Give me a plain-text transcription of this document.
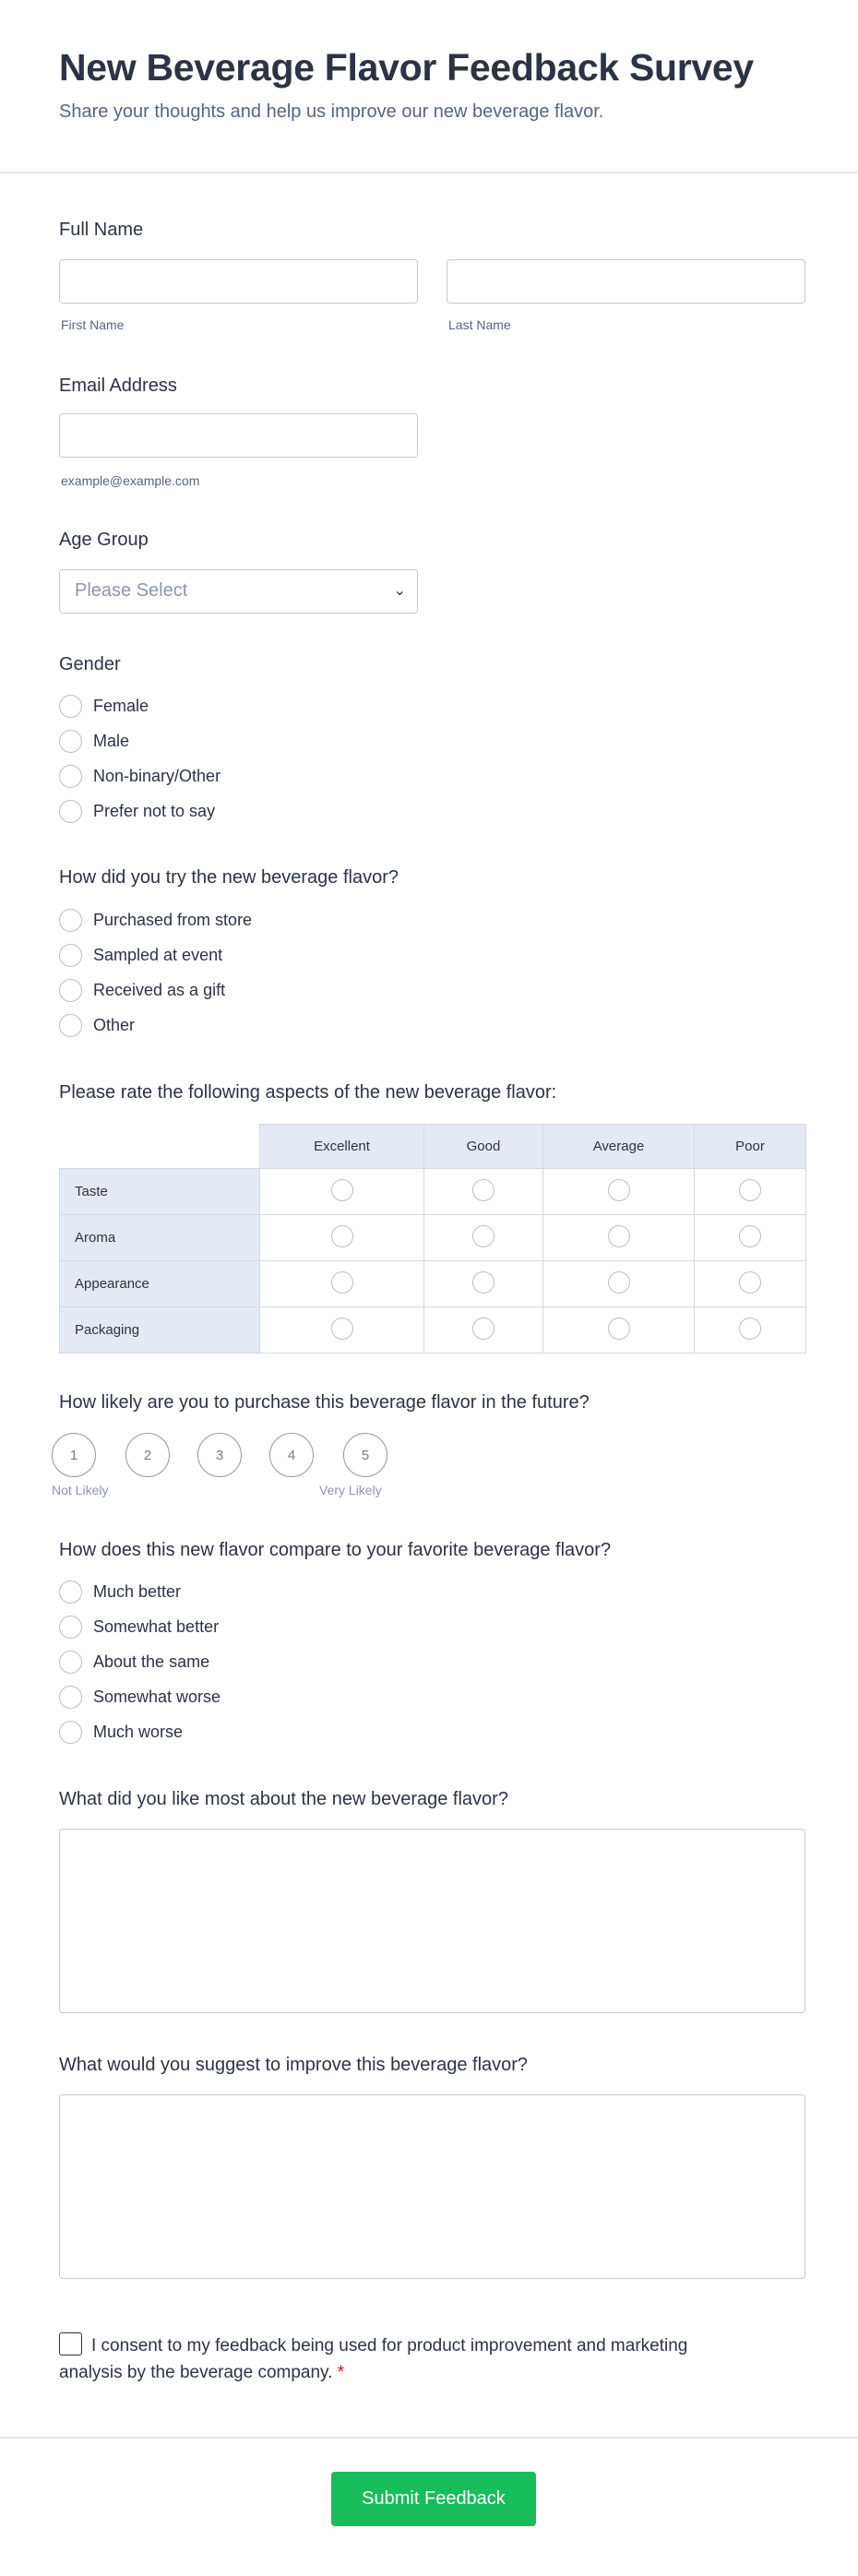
New Beverage Flavor Feedback Survey
Share your thoughts and help us improve our new beverage flavor.
Full Name
First Name	Last Name
Email Address
example@example.com
Age Group
Please Select	⌄
Gender
Female
Male
Non-binary/Other
Prefer not to say
How did you try the new beverage flavor?
Purchased from store
Sampled at event
Received as a gift
Other
Please rate the following aspects of the new beverage flavor:
	Excellent	Good	Average	Poor
Taste				
Aroma				
Appearance				
Packaging				
How likely are you to purchase this beverage flavor in the future?
1	2	3	4	5
Not Likely	Very Likely
How does this new flavor compare to your favorite beverage flavor?
Much better
Somewhat better
About the same
Somewhat worse
Much worse
What did you like most about the new beverage flavor?
What would you suggest to improve this beverage flavor?
I consent to my feedback being used for product improvement and marketing analysis by the beverage company. *
Submit Feedback
